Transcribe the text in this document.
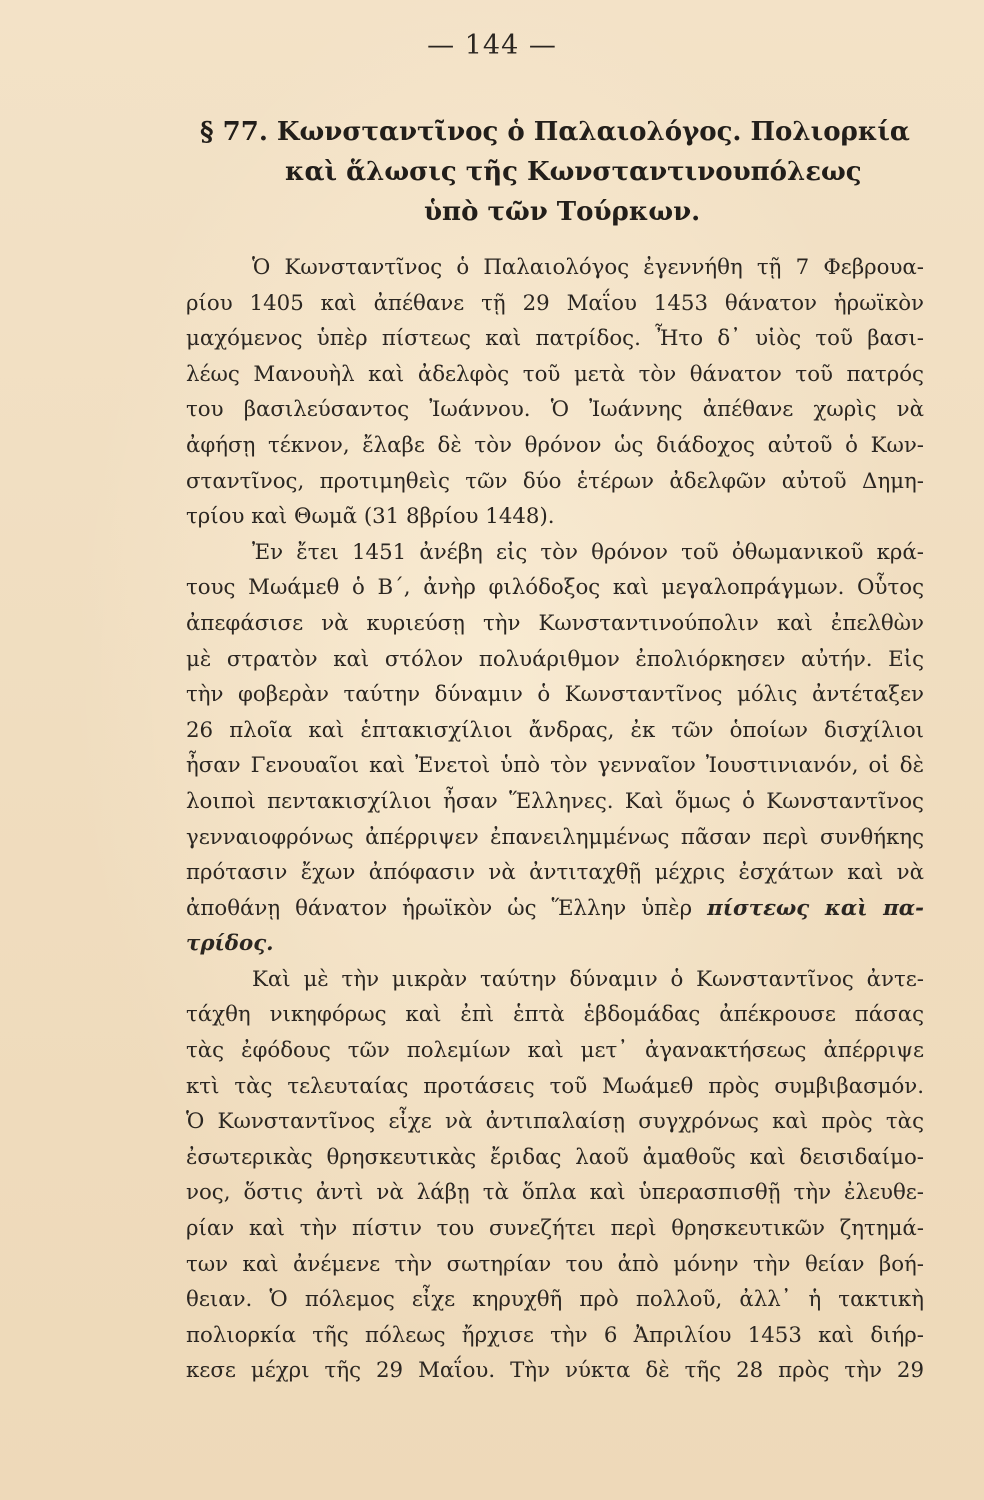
— 144 —
§ 77. Κωνσταντῖνος ὁ Παλαιολόγος. Πολιορκία
καὶ ἅλωσις τῆς Κωνσταντινουπόλεως
ὑπὸ τῶν Τούρκων.
Ὁ Κωνσταντῖνος ὁ Παλαιολόγος ἐγεννήθη τῇ 7 Φεβρουα-
ρίου 1405 καὶ ἀπέθανε τῇ 29 Μαΐου 1453 θάνατον ἡρωϊκὸν
μαχόμενος ὑπὲρ πίστεως καὶ πατρίδος. Ἦτο δ᾽ υἱὸς τοῦ βασι-
λέως Μανουὴλ καὶ ἀδελφὸς τοῦ μετὰ τὸν θάνατον τοῦ πατρός
του βασιλεύσαντος Ἰωάννου. Ὁ Ἰωάννης ἀπέθανε χωρὶς νὰ
ἀφήσῃ τέκνον, ἔλαβε δὲ τὸν θρόνον ὡς διάδοχος αὐτοῦ ὁ Κων-
σταντῖνος, προτιμηθεὶς τῶν δύο ἑτέρων ἀδελφῶν αὐτοῦ Δημη-
τρίου καὶ Θωμᾶ (31 8βρίου 1448).
Ἐν ἔτει 1451 ἀνέβη εἰς τὸν θρόνον τοῦ ὀθωμανικοῦ κρά-
τους Μωάμεθ ὁ Β΄, ἀνὴρ φιλόδοξος καὶ μεγαλοπράγμων. Οὗτος
ἀπεφάσισε νὰ κυριεύσῃ τὴν Κωνσταντινούπολιν καὶ ἐπελθὼν
μὲ στρατὸν καὶ στόλον πολυάριθμον ἐπολιόρκησεν αὐτήν. Εἰς
τὴν φοβερὰν ταύτην δύναμιν ὁ Κωνσταντῖνος μόλις ἀντέταξεν
26 πλοῖα καὶ ἑπτακισχίλιοι ἄνδρας, ἐκ τῶν ὁποίων δισχίλιοι
ἦσαν Γενουαῖοι καὶ Ἐνετοὶ ὑπὸ τὸν γενναῖον Ἰουστινιανόν, οἱ δὲ
λοιποὶ πεντακισχίλιοι ἦσαν Ἕλληνες. Καὶ ὅμως ὁ Κωνσταντῖνος
γενναιοφρόνως ἀπέρριψεν ἐπανειλημμένως πᾶσαν περὶ συνθήκης
πρότασιν ἔχων ἀπόφασιν νὰ ἀντιταχθῇ μέχρις ἐσχάτων καὶ νὰ
ἀποθάνῃ θάνατον ἡρωϊκὸν ὡς Ἕλλην ὑπὲρ πίστεως καὶ πα-
τρίδος.
Καὶ μὲ τὴν μικρὰν ταύτην δύναμιν ὁ Κωνσταντῖνος ἀντε-
τάχθη νικηφόρως καὶ ἐπὶ ἑπτὰ ἑβδομάδας ἀπέκρουσε πάσας
τὰς ἐφόδους τῶν πολεμίων καὶ μετ᾽ ἀγανακτήσεως ἀπέρριψε
κτὶ τὰς τελευταίας προτάσεις τοῦ Μωάμεθ πρὸς συμβιβασμόν.
Ὁ Κωνσταντῖνος εἶχε νὰ ἀντιπαλαίσῃ συγχρόνως καὶ πρὸς τὰς
ἐσωτερικὰς θρησκευτικὰς ἔριδας λαοῦ ἀμαθοῦς καὶ δεισιδαίμο-
νος, ὅστις ἀντὶ νὰ λάβῃ τὰ ὅπλα καὶ ὑπερασπισθῇ τὴν ἐλευθε-
ρίαν καὶ τὴν πίστιν του συνεζήτει περὶ θρησκευτικῶν ζητημά-
των καὶ ἀνέμενε τὴν σωτηρίαν του ἀπὸ μόνην τὴν θείαν βοή-
θειαν. Ὁ πόλεμος εἶχε κηρυχθῆ πρὸ πολλοῦ, ἀλλ᾽ ἡ τακτικὴ
πολιορκία τῆς πόλεως ἤρχισε τὴν 6 Ἀπριλίου 1453 καὶ διήρ-
κεσε μέχρι τῆς 29 Μαΐου. Τὴν νύκτα δὲ τῆς 28 πρὸς τὴν 29
